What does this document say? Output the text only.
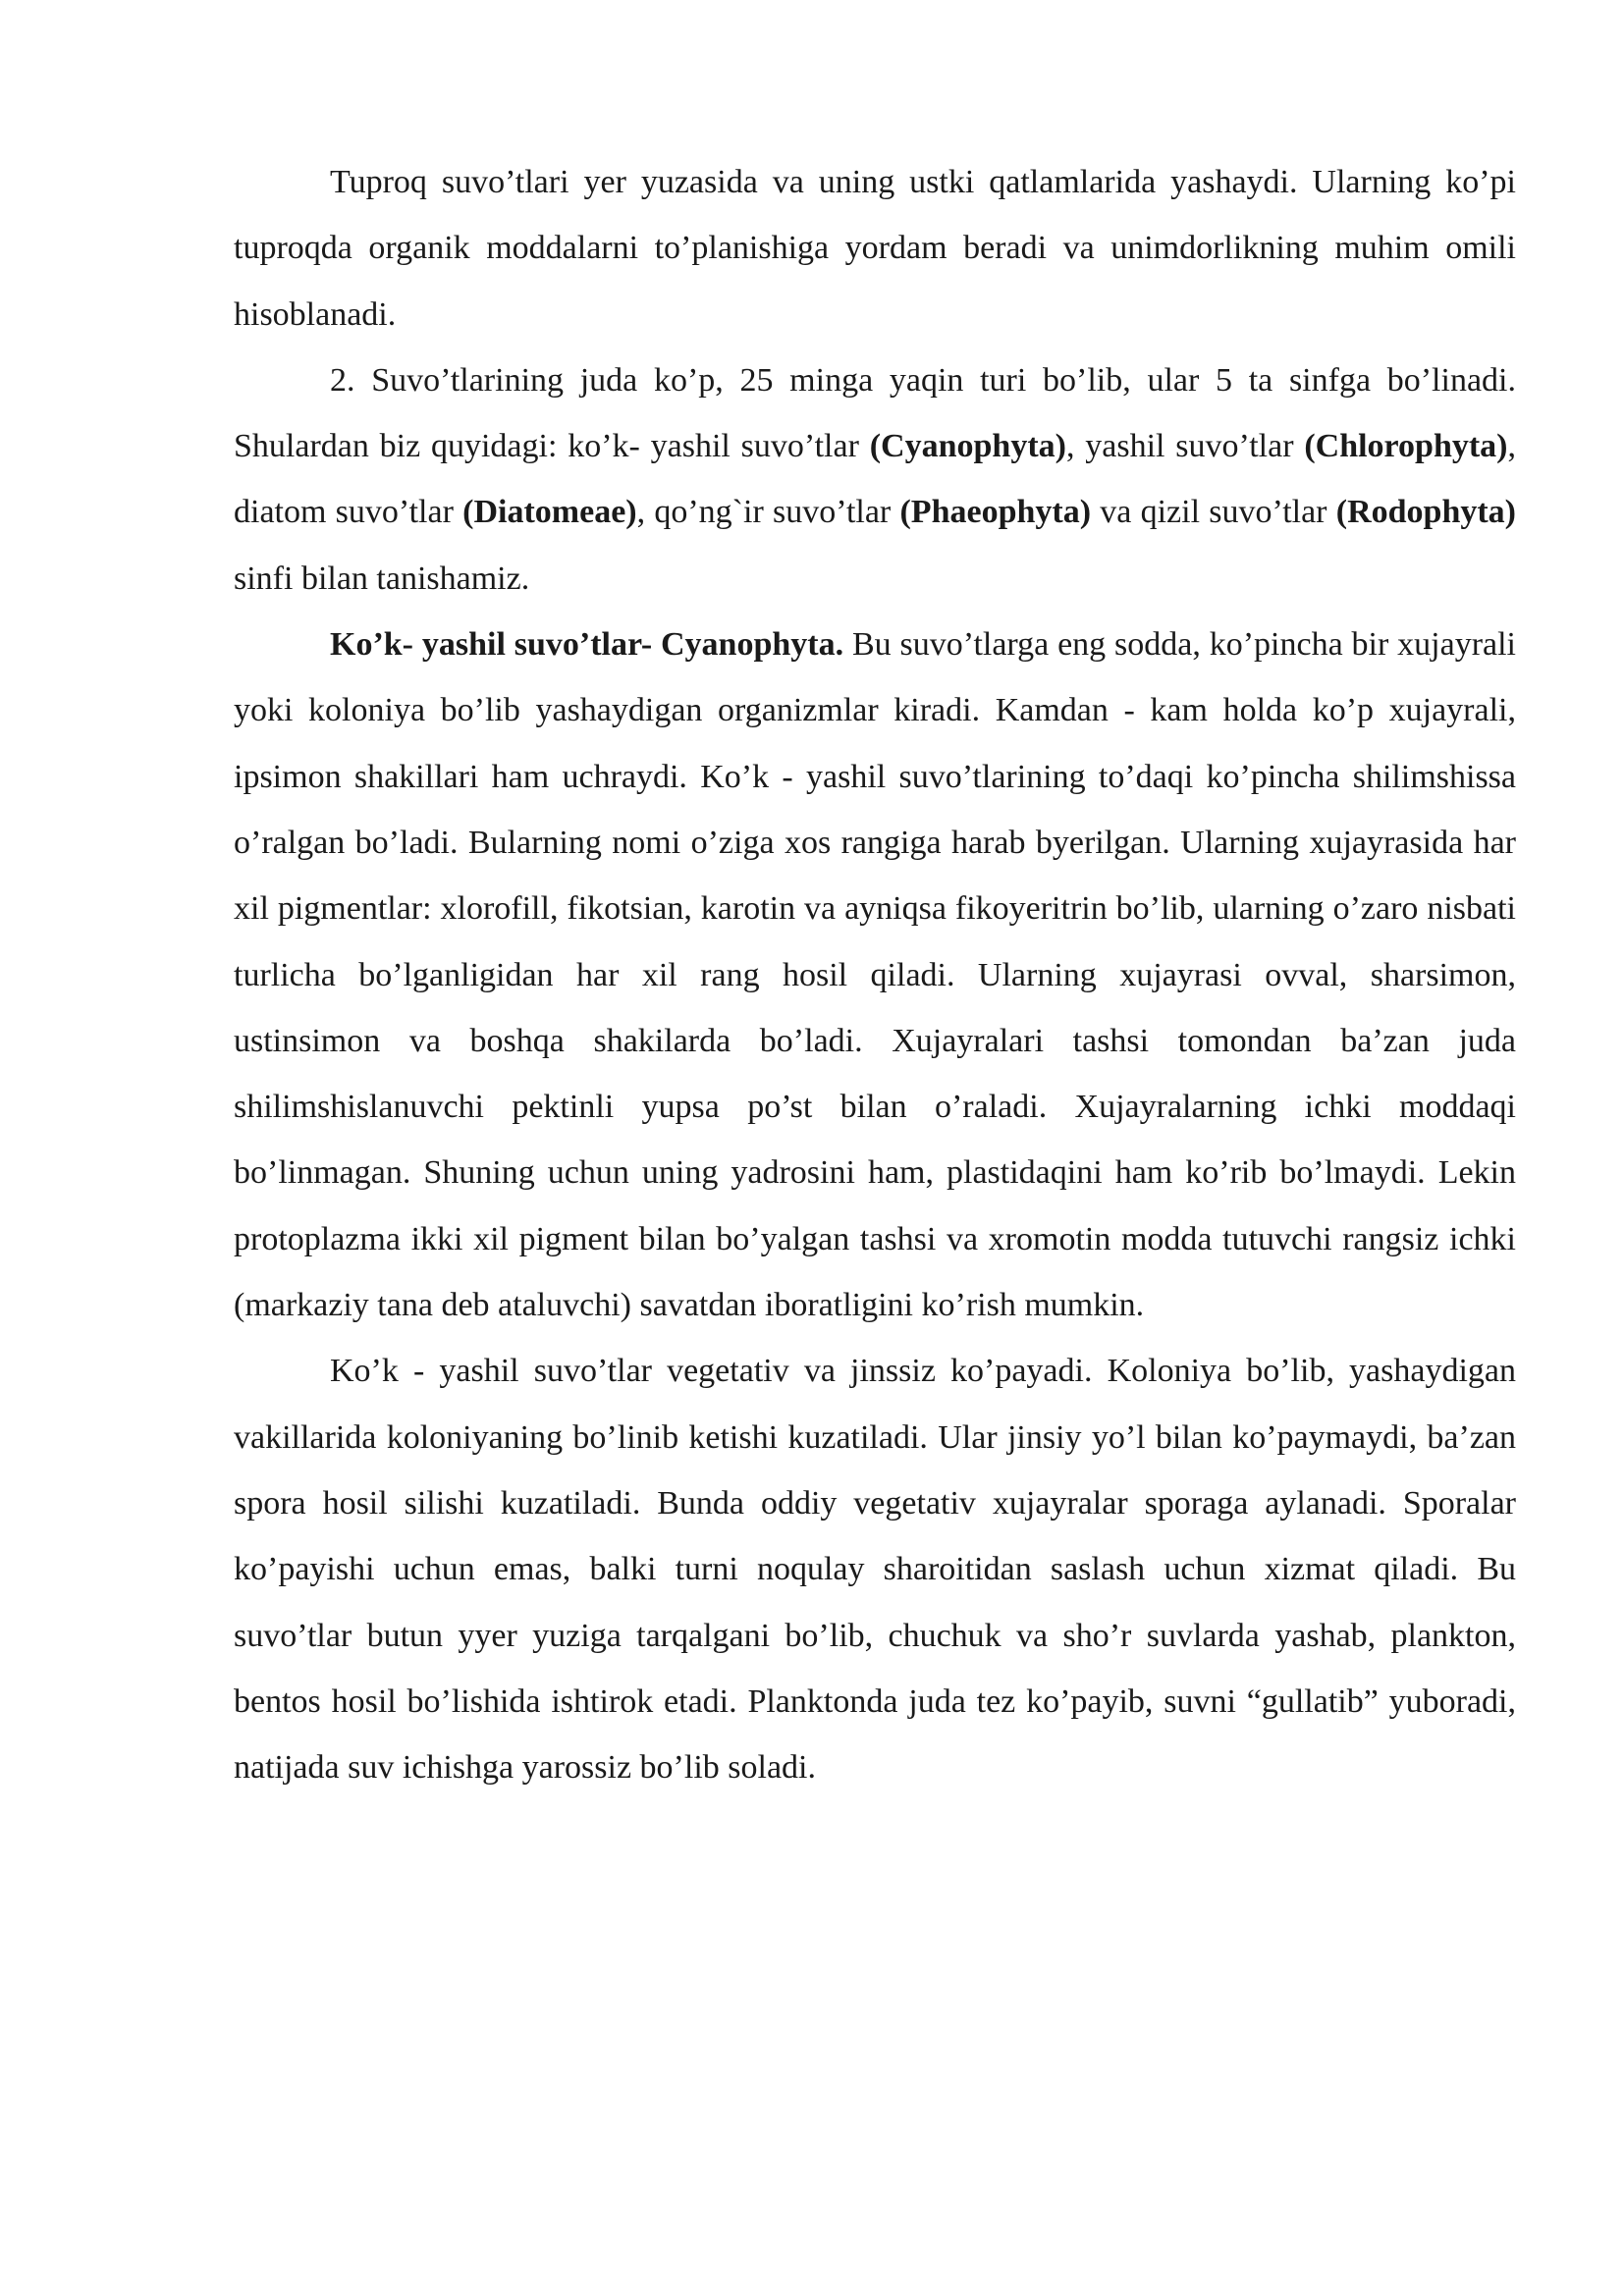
Tuproq suvo’tlari yer yuzasida va uning ustki qatlamlarida yashaydi. Ularning ko’pi tuproqda organik moddalarni to’planishiga yordam beradi va unimdorlikning muhim omili hisoblanadi.

2. Suvo’tlarining juda ko’p, 25 minga yaqin turi bo’lib, ular 5 ta sinfga bo’linadi. Shulardan biz quyidagi: ko’k- yashil suvo’tlar (Cyanophyta), yashil suvo’tlar (Chlorophyta), diatom suvo’tlar (Diatomeae), qo’ng`ir suvo’tlar (Phaeophyta) va qizil suvo’tlar (Rodophyta) sinfi bilan tanishamiz.

Ko’k- yashil suvo’tlar- Cyanophyta. Bu suvo’tlarga eng sodda, ko’pincha bir xujayrali yoki koloniya bo’lib yashaydigan organizmlar kiradi. Kamdan - kam holda ko’p xujayrali, ipsimon shakillari ham uchraydi. Ko’k - yashil suvo’tlarining to’daqi ko’pincha shilimshissa o’ralgan bo’ladi. Bularning nomi o’ziga xos rangiga harab byerilgan. Ularning xujayrasida har xil pigmentlar: xlorofill, fikotsian, karotin va ayniqsa fikoyeritrin bo’lib, ularning o’zaro nisbati turlicha bo’lganligidan har xil rang hosil qiladi. Ularning xujayrasi ovval, sharsimon, ustinsimon va boshqa shakilarda bo’ladi. Xujayralari tashsi tomondan ba’zan juda shilimshislanuvchi pektinli yupsa po’st bilan o’raladi. Xujayralarning ichki moddaqi bo’linmagan. Shuning uchun uning yadrosini ham, plastidaqini ham ko’rib bo’lmaydi. Lekin protoplazma ikki xil pigment bilan bo’yalgan tashsi va xromotin modda tutuvchi rangsiz ichki (markaziy tana deb ataluvchi) savatdan iboratligini ko’rish mumkin.

Ko’k - yashil suvo’tlar vegetativ va jinssiz ko’payadi. Koloniya bo’lib, yashaydigan vakillarida koloniyaning bo’linib ketishi kuzatiladi. Ular jinsiy yo’l bilan ko’paymaydi, ba’zan spora hosil silishi kuzatiladi. Bunda oddiy vegetativ xujayralar sporaga aylanadi. Sporalar ko’payishi uchun emas, balki turni noqulay sharoitidan saslash uchun xizmat qiladi. Bu suvo’tlar butun yyer yuziga tarqalgani bo’lib, chuchuk va sho’r suvlarda yashab, plankton, bentos hosil bo’lishida ishtirok etadi. Planktonda juda tez ko’payib, suvni “gullatib” yuboradi, natijada suv ichishga yarossiz bo’lib soladi.
